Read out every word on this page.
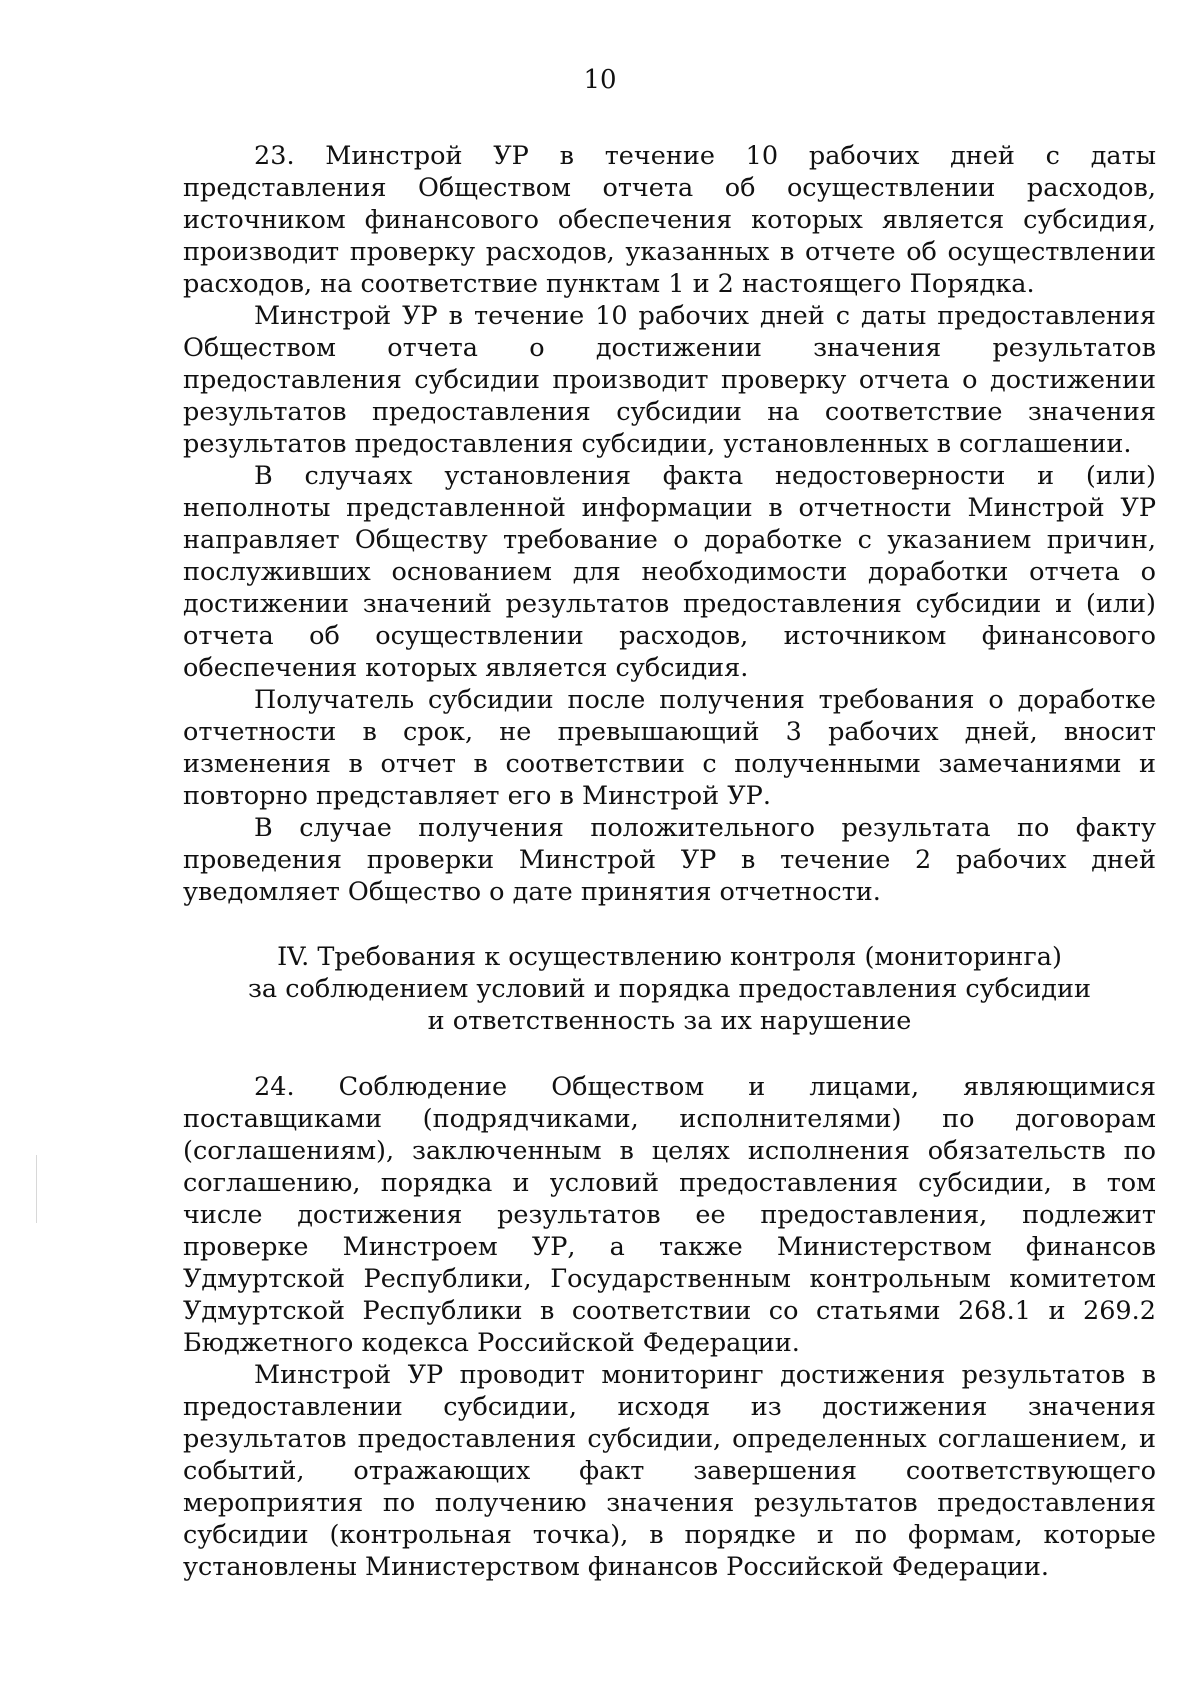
10

23. Минстрой УР в течение 10 рабочих дней с даты представления Обществом отчета об осуществлении расходов, источником финансового обеспечения которых является субсидия, производит проверку расходов, указанных в отчете об осуществлении расходов, на соответствие пунктам 1 и 2 настоящего Порядка.

Минстрой УР в течение 10 рабочих дней с даты предоставления Обществом отчета о достижении значения результатов предоставления субсидии производит проверку отчета о достижении результатов предоставления субсидии на соответствие значения результатов предоставления субсидии, установленных в соглашении.

В случаях установления факта недостоверности и (или) неполноты представленной информации в отчетности Минстрой УР направляет Обществу требование о доработке с указанием причин, послуживших основанием для необходимости доработки отчета о достижении значений результатов предоставления субсидии и (или) отчета об осуществлении расходов, источником финансового обеспечения которых является субсидия.

Получатель субсидии после получения требования о доработке отчетности в срок, не превышающий 3 рабочих дней, вносит изменения в отчет в соответствии с полученными замечаниями и повторно представляет его в Минстрой УР.

В случае получения положительного результата по факту проведения проверки Минстрой УР в течение 2 рабочих дней уведомляет Общество о дате принятия отчетности.

IV. Требования к осуществлению контроля (мониторинга)
за соблюдением условий и порядка предоставления субсидии
и ответственность за их нарушение

24. Соблюдение Обществом и лицами, являющимися поставщиками (подрядчиками, исполнителями) по договорам (соглашениям), заключенным в целях исполнения обязательств по соглашению, порядка и условий предоставления субсидии, в том числе достижения результатов ее предоставления, подлежит проверке Минстроем УР, а также Министерством финансов Удмуртской Республики, Государственным контрольным комитетом Удмуртской Республики в соответствии со статьями 268.1 и 269.2 Бюджетного кодекса Российской Федерации.

Минстрой УР проводит мониторинг достижения результатов в предоставлении субсидии, исходя из достижения значения результатов предоставления субсидии, определенных соглашением, и событий, отражающих факт завершения соответствующего мероприятия по получению значения результатов предоставления субсидии (контрольная точка), в порядке и по формам, которые установлены Министерством финансов Российской Федерации.
